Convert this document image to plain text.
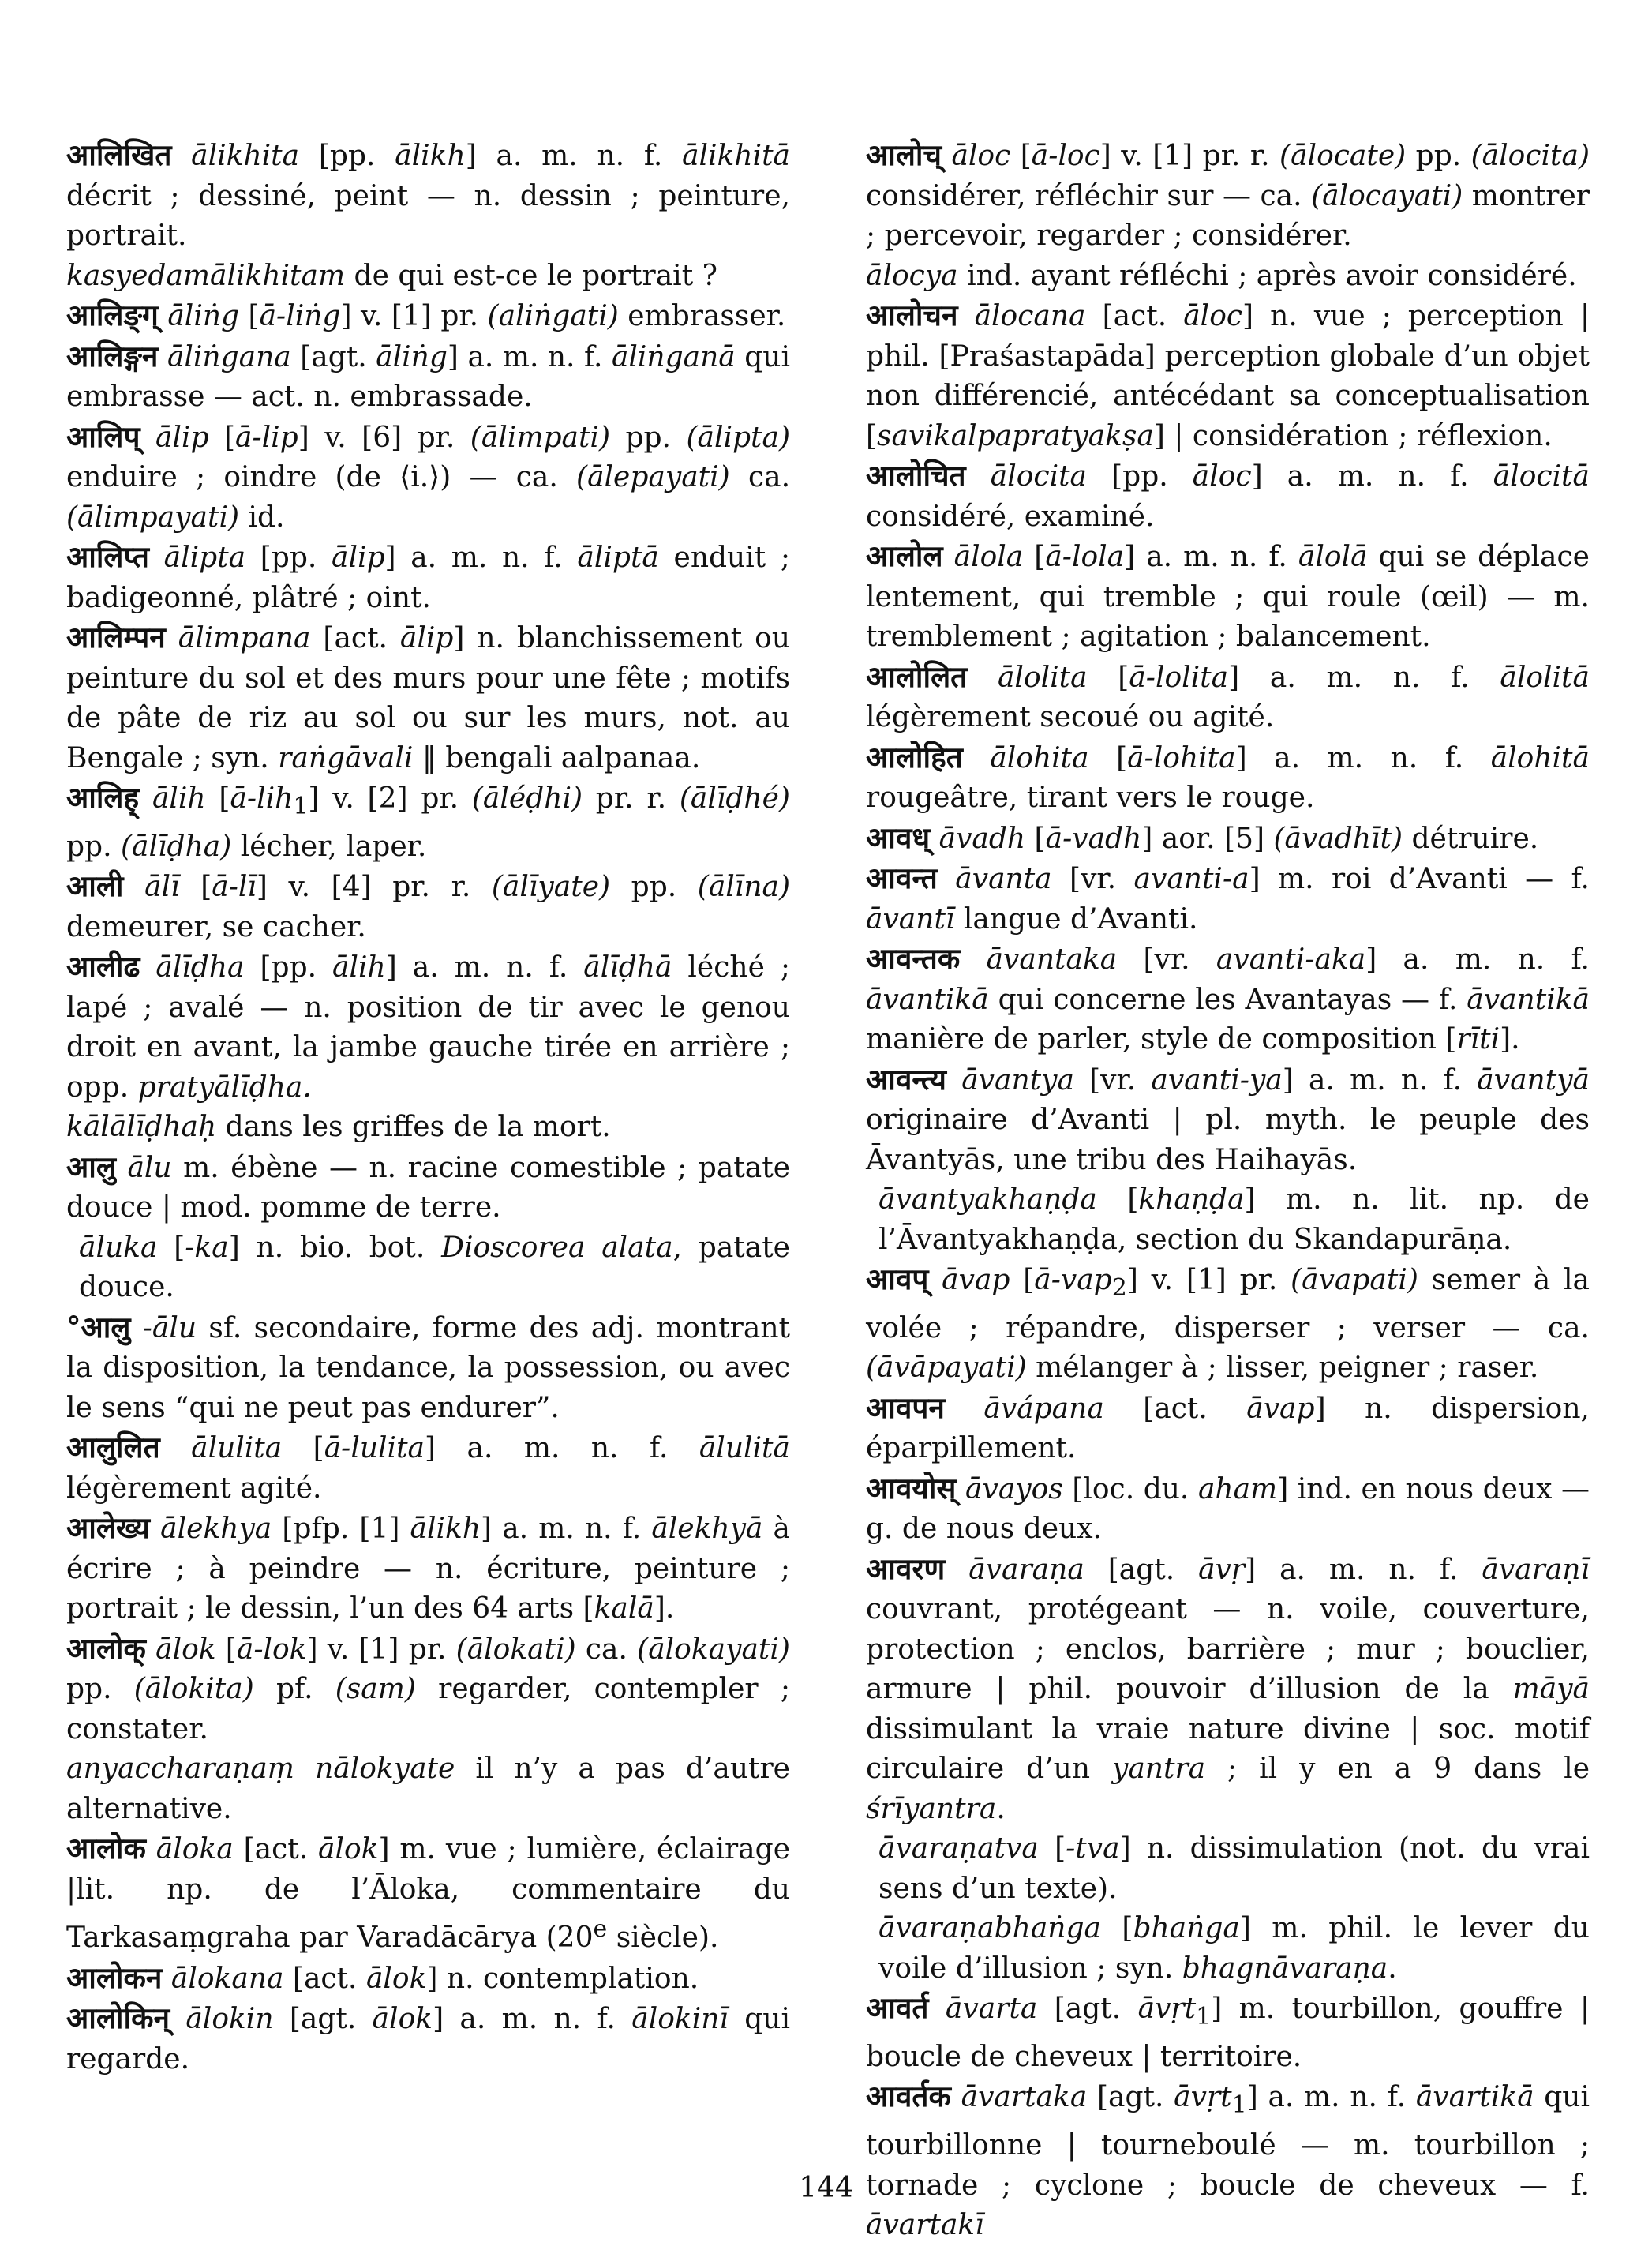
आलिखित ālikhita [pp. ālikh] a. m. n. f. ālikhitā décrit ; dessiné, peint — n. dessin ; peinture, portrait.
kasyedamālikhitam de qui est-ce le portrait ?
आलिङ्ग् āliṅg [ā-liṅg] v. [1] pr. (aliṅgati) embrasser.
आलिङ्गन āliṅgana [agt. āliṅg] a. m. n. f. āliṅganā qui embrasse — act. n. embrassade.
आलिप् ālip [ā-lip] v. [6] pr. (ālimpati) pp. (ālipta) enduire ; oindre (de ⟨i.⟩) — ca. (ālepayati) ca. (ālimpayati) id.
आलिप्त ālipta [pp. ālip] a. m. n. f. āliptā enduit ; badigeonné, plâtré ; oint.
आलिम्पन ālimpana [act. ālip] n. blanchissement ou peinture du sol et des murs pour une fête ; motifs de pâte de riz au sol ou sur les murs, not. au Bengale ; syn. raṅgāvali ‖ bengali aalpanaa.
आलिह् ālih [ā-lih$_1$] v. [2] pr. (āléḍhi) pr. r. (ālīḍhé) pp. (ālīḍha) lécher, laper.
आली ālī [ā-lī] v. [4] pr. r. (ālīyate) pp. (ālīna) demeurer, se cacher.
आलीढ ālīḍha [pp. ālih] a. m. n. f. ālīḍhā léché ; lapé ; avalé — n. position de tir avec le genou droit en avant, la jambe gauche tirée en arrière ; opp. pratyālīḍha.
kālālīḍhaḥ dans les griffes de la mort.
आलु ālu m. ébène — n. racine comestible ; patate douce | mod. pomme de terre.
āluka [-ka] n. bio. bot. Dioscorea alata, patate douce.
°आलु -ālu sf. secondaire, forme des adj. montrant la disposition, la tendance, la possession, ou avec le sens “qui ne peut pas endurer”.
आलुलित ālulita [ā-lulita] a. m. n. f. ālulitā légèrement agité.
आलेख्य ālekhya [pfp. [1] ālikh] a. m. n. f. ālekhyā à écrire ; à peindre — n. écriture, peinture ; portrait ; le dessin, l’un des 64 arts [kalā].
आलोक् ālok [ā-lok] v. [1] pr. (ālokati) ca. (ālokayati) pp. (ālokita) pf. (sam) regarder, contempler ; constater.
anyaccharaṇaṃ nālokyate il n’y a pas d’autre alternative.
आलोक āloka [act. ālok] m. vue ; lumière, éclairage |lit. np. de l’Āloka, commentaire du Tarkasaṃgraha par Varadācārya (20e siècle).
आलोकन ālokana [act. ālok] n. contemplation.
आलोकिन् ālokin [agt. ālok] a. m. n. f. ālokinī qui regarde.
आलोच् āloc [ā-loc] v. [1] pr. r. (ālocate) pp. (ālocita) considérer, réfléchir sur — ca. (ālocayati) montrer ; percevoir, regarder ; considérer.
ālocya ind. ayant réfléchi ; après avoir considéré.
आलोचन ālocana [act. āloc] n. vue ; perception | phil. [Praśastapāda] perception globale d’un objet non différencié, antécédant sa conceptualisation [savikalpapratyakṣa] | considération ; réflexion.
आलोचित ālocita [pp. āloc] a. m. n. f. ālocitā considéré, examiné.
आलोल ālola [ā-lola] a. m. n. f. ālolā qui se déplace lentement, qui tremble ; qui roule (œil) — m. tremblement ; agitation ; balancement.
आलोलित ālolita [ā-lolita] a. m. n. f. ālolitā légèrement secoué ou agité.
आलोहित ālohita [ā-lohita] a. m. n. f. ālohitā rougeâtre, tirant vers le rouge.
आवध् āvadh [ā-vadh] aor. [5] (āvadhīt) détruire.
आवन्त āvanta [vr. avanti-a] m. roi d’Avanti — f. āvantī langue d’Avanti.
आवन्तक āvantaka [vr. avanti-aka] a. m. n. f. āvantikā qui concerne les Avantayas — f. āvantikā manière de parler, style de composition [rīti].
आवन्त्य āvantya [vr. avanti-ya] a. m. n. f. āvantyā originaire d’Avanti | pl. myth. le peuple des Āvantyās, une tribu des Haihayās.
āvantyakhaṇḍa [khaṇḍa] m. n. lit. np. de l’Āvantyakhaṇḍa, section du Skandapurāṇa.
आवप् āvap [ā-vap$_2$] v. [1] pr. (āvapati) semer à la volée ; répandre, disperser ; verser — ca. (āvāpayati) mélanger à ; lisser, peigner ; raser.
आवपन āvápana [act. āvap] n. dispersion, éparpillement.
आवयोस् āvayos [loc. du. aham] ind. en nous deux — g. de nous deux.
आवरण āvaraṇa [agt. āvṛ] a. m. n. f. āvaraṇī couvrant, protégeant — n. voile, couverture, protection ; enclos, barrière ; mur ; bouclier, armure | phil. pouvoir d’illusion de la māyā dissimulant la vraie nature divine | soc. motif circulaire d’un yantra ; il y en a 9 dans le śrīyantra.
āvaraṇatva [-tva] n. dissimulation (not. du vrai sens d’un texte).
āvaraṇabhaṅga [bhaṅga] m. phil. le lever du voile d’illusion ; syn. bhagnāvaraṇa.
आवर्त āvarta [agt. āvṛt$_1$] m. tourbillon, gouffre | boucle de cheveux | territoire.
आवर्तक āvartaka [agt. āvṛt$_1$] a. m. n. f. āvartikā qui tourbillonne | tourneboulé — m. tourbillon ; tornade ; cyclone ; boucle de cheveux — f. āvartakī
144
